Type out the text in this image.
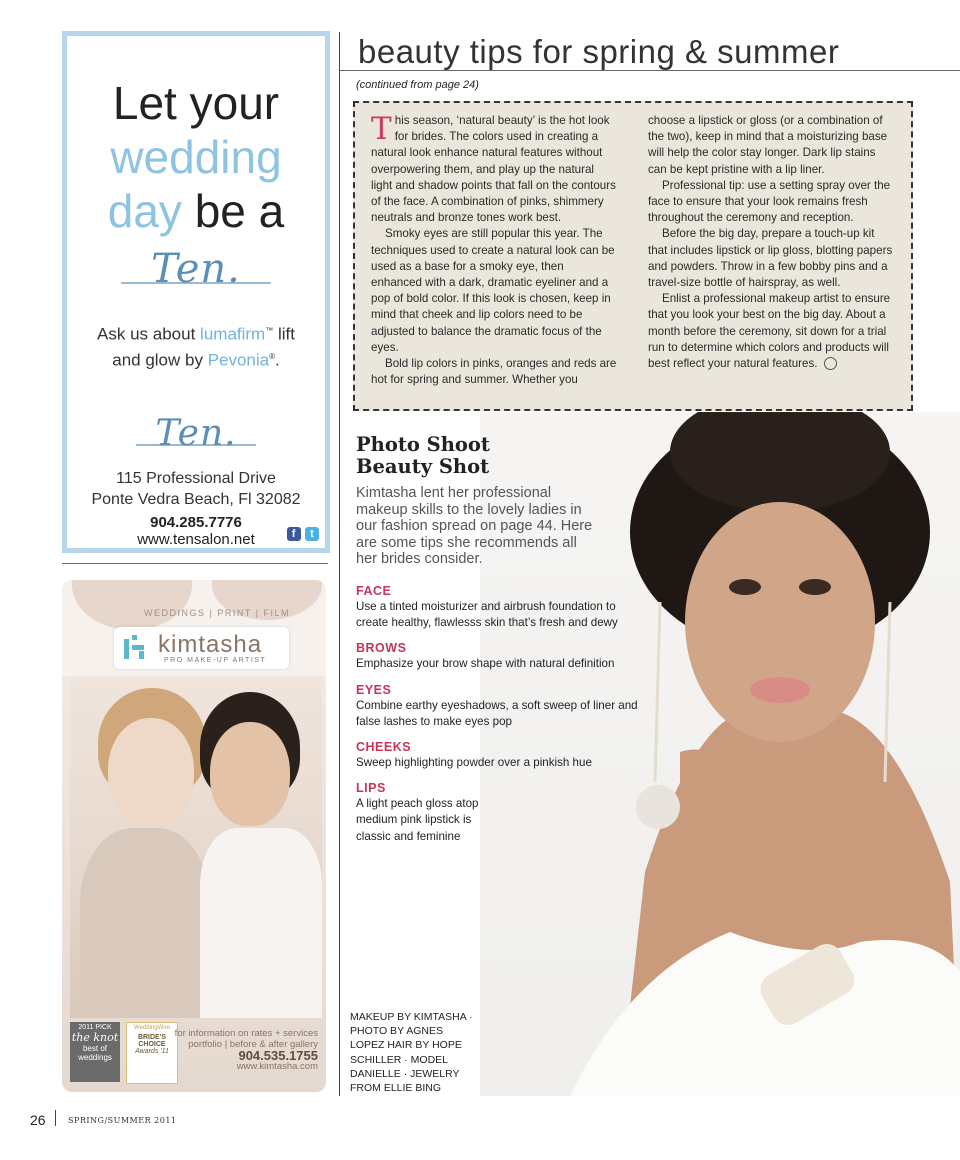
Let your
wedding
day be a
Ten.
Ask us about lumafirm™ lift
and glow by Pevonia®.
Ten.
115 Professional Drive
Ponte Vedra Beach, Fl 32082
904.285.7776
www.tensalon.net	f t
WEDDINGS | PRINT | FILM
kimtasha
PRO MAKE-UP ARTIST
2011 PICK
the knot
best of weddings
WeddingWire
BRIDE'S CHOICE
Awards '11
for information on rates + services
portfolio | before & after gallery
904.535.1755
www.kimtasha.com
beauty tips for spring & summer
(continued from page 24)

This season, ‘natural beauty’ is the hot look for brides. The colors used in creating a natural look enhance natural features without overpowering them, and play up the natural light and shadow points that fall on the contours of the face. A combination of pinks, shimmery neutrals and bronze tones work best.

Smoky eyes are still popular this year. The techniques used to create a natural look can be used as a base for a smoky eye, then enhanced with a dark, dramatic eyeliner and a pop of bold color. If this look is chosen, keep in mind that cheek and lip colors need to be adjusted to balance the dramatic focus of the eyes.

Bold lip colors in pinks, oranges and reds are hot for spring and summer. Whether you

choose a lipstick or gloss (or a combination of the two), keep in mind that a moisturizing base will help the color stay longer. Dark lip stains can be kept pristine with a lip liner.

Professional tip: use a setting spray over the face to ensure that your look remains fresh throughout the ceremony and reception.

Before the big day, prepare a touch-up kit that includes lipstick or lip gloss, blotting papers and powders. Throw in a few bobby pins and a travel-size bottle of hairspray, as well.

Enlist a professional makeup artist to ensure that you look your best on the big day. About a month before the ceremony, sit down for a trial run to determine which colors and products will best reflect your natural features.

Photo Shoot
Beauty Shot
Kimtasha lent her professional makeup skills to the lovely ladies in our fashion spread on page 44. Here are some tips she recommends all her brides consider.
FACE
Use a tinted moisturizer and airbrush foundation to create healthy, flawlesss skin that’s fresh and dewy
BROWS
Emphasize your brow shape with natural definition
EYES
Combine earthy eyeshadows, a soft sweep of liner and false lashes to make eyes pop
CHEEKS
Sweep highlighting powder over a pinkish hue
LIPS
A light peach gloss atop medium pink lipstick is classic and feminine
MAKEUP BY KIMTASHA · PHOTO BY AGNES LOPEZ HAIR BY HOPE SCHILLER · MODEL DANIELLE · JEWELRY FROM ELLIE BING
26	SPRING/SUMMER 2011
